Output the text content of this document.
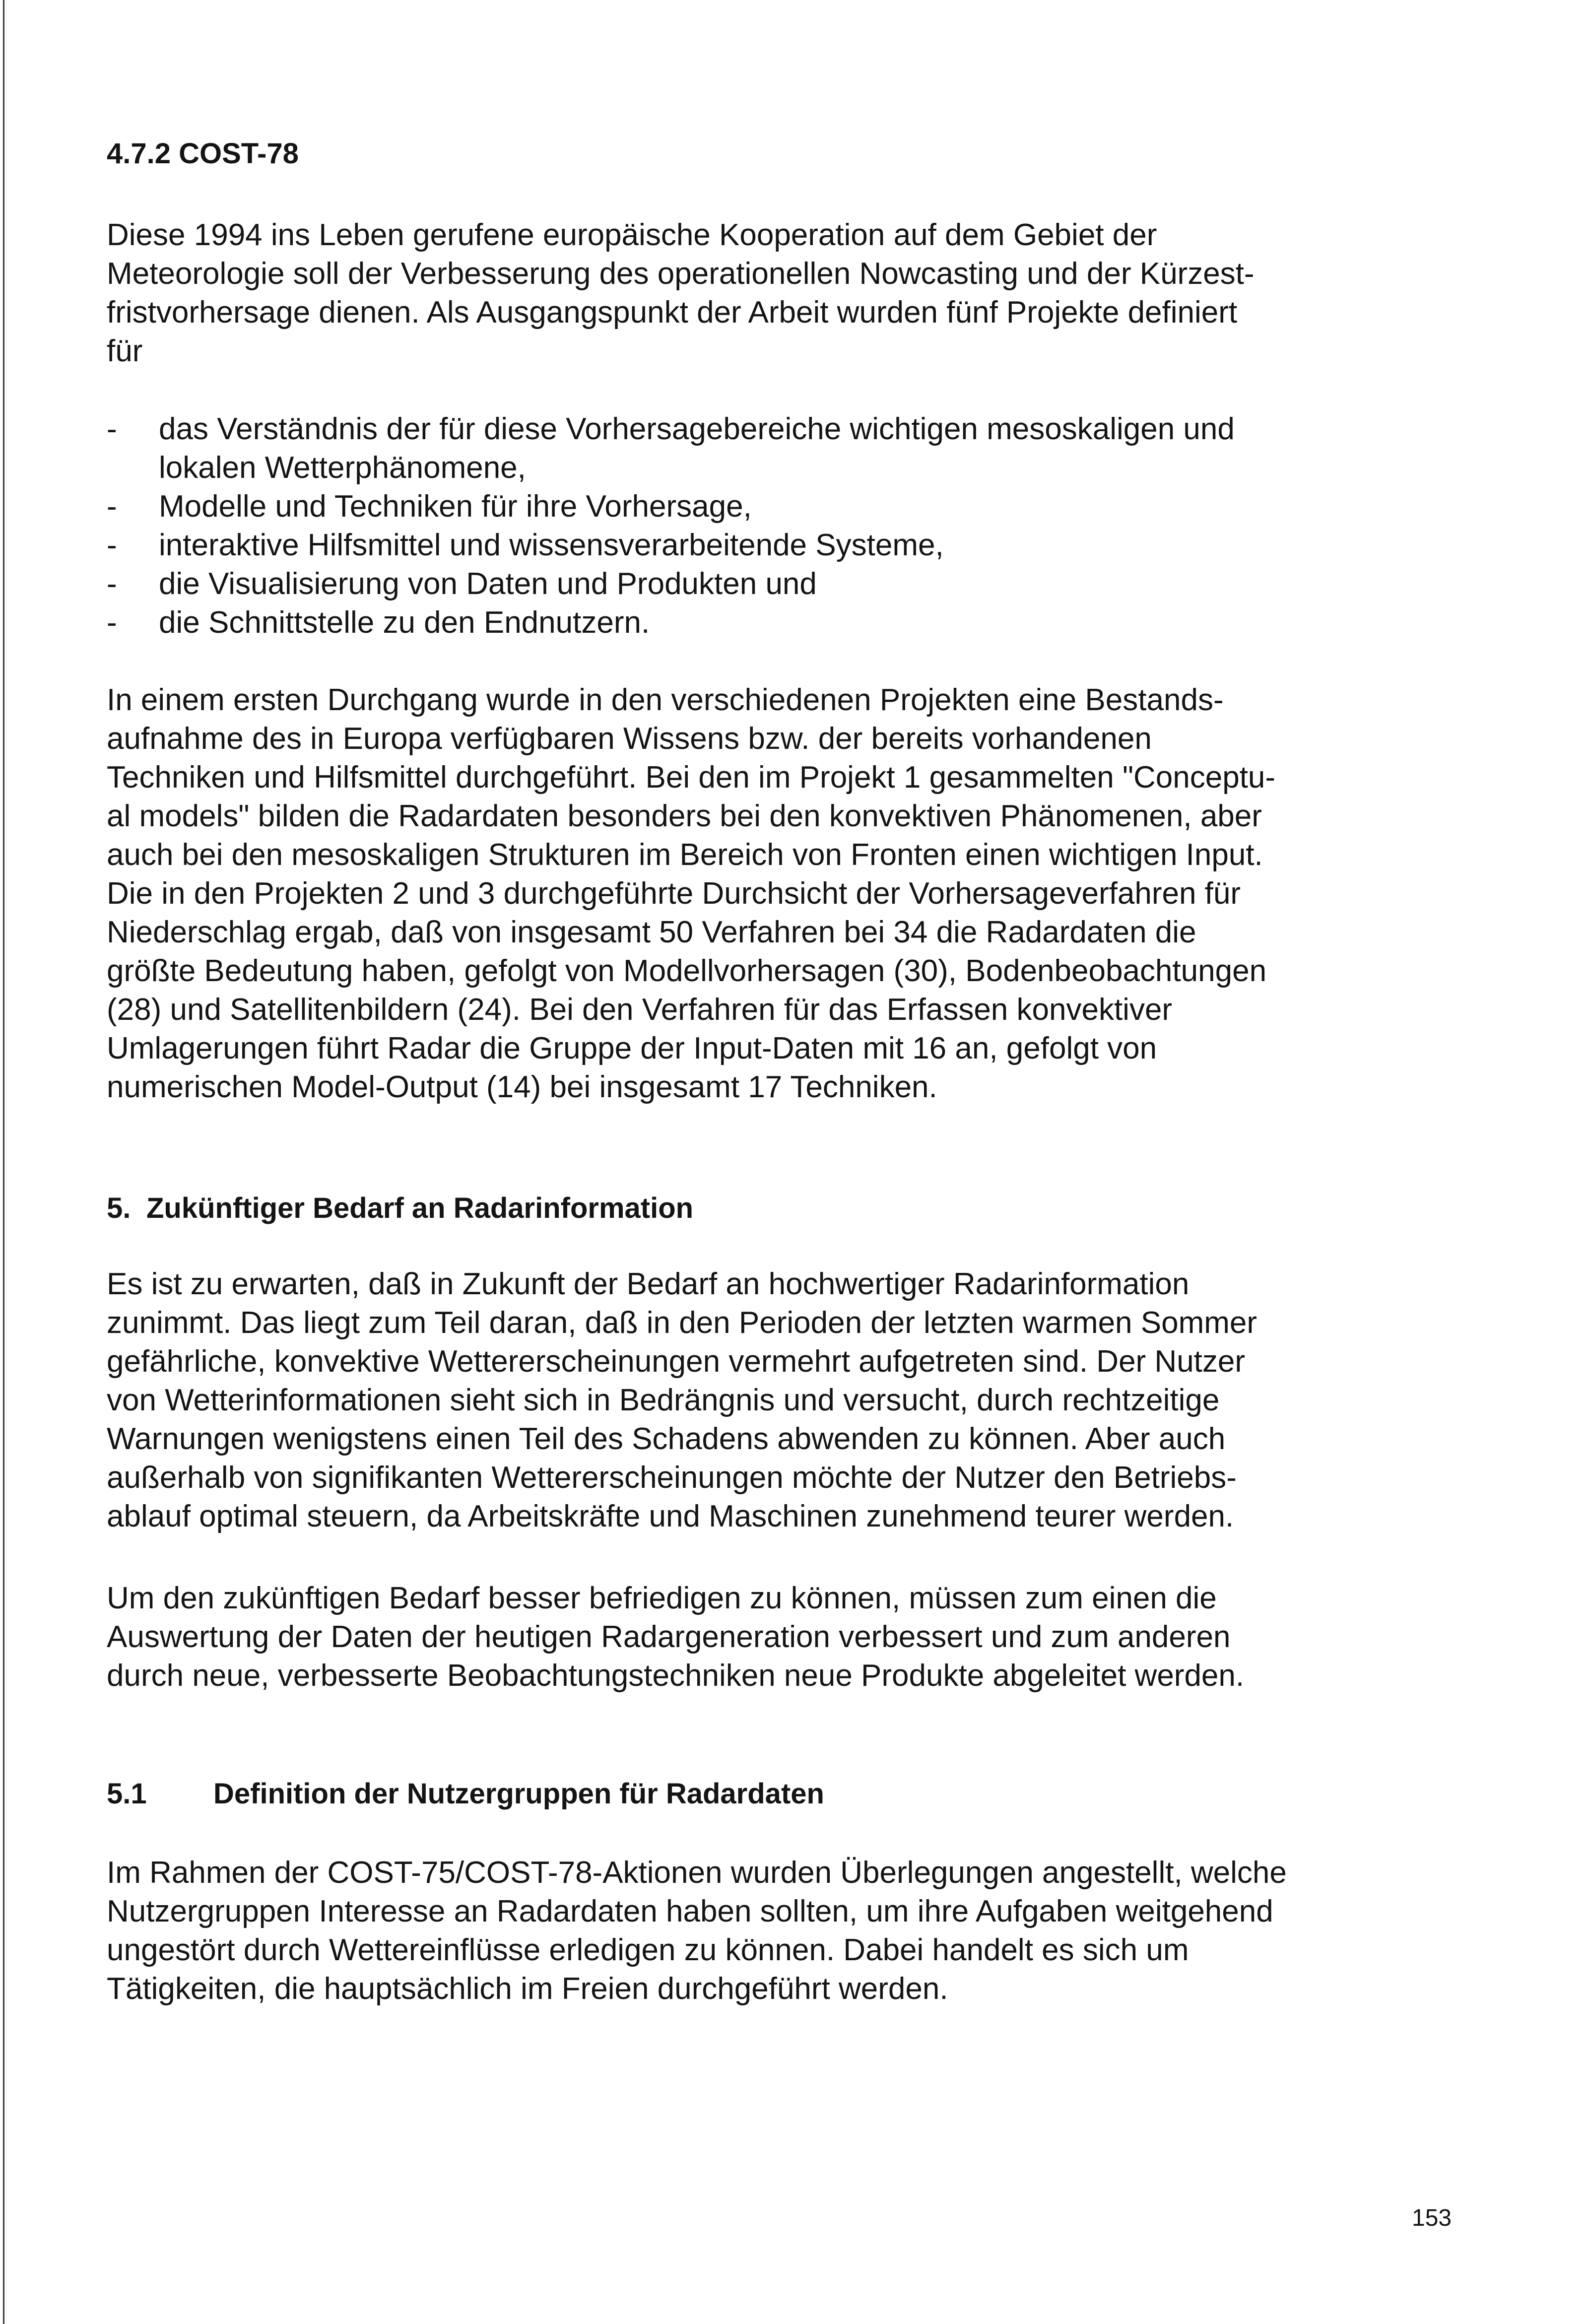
4.7.2 COST-78
Diese 1994 ins Leben gerufene europäische Kooperation auf dem Gebiet der
Meteorologie soll der Verbesserung des operationellen Nowcasting und der Kürzest-
fristvorhersage dienen. Als Ausgangspunkt der Arbeit wurden fünf Projekte definiert
für
- das Verständnis der für diese Vorhersagebereiche wichtigen mesoskaligen und
lokalen Wetterphänomene,
- Modelle und Techniken für ihre Vorhersage,
- interaktive Hilfsmittel und wissensverarbeitende Systeme,
- die Visualisierung von Daten und Produkten und
- die Schnittstelle zu den Endnutzern.
In einem ersten Durchgang wurde in den verschiedenen Projekten eine Bestands-
aufnahme des in Europa verfügbaren Wissens bzw. der bereits vorhandenen
Techniken und Hilfsmittel durchgeführt. Bei den im Projekt 1 gesammelten "Conceptu-
al models" bilden die Radardaten besonders bei den konvektiven Phänomenen, aber
auch bei den mesoskaligen Strukturen im Bereich von Fronten einen wichtigen Input.
Die in den Projekten 2 und 3 durchgeführte Durchsicht der Vorhersageverfahren für
Niederschlag ergab, daß von insgesamt 50 Verfahren bei 34 die Radardaten die
größte Bedeutung haben, gefolgt von Modellvorhersagen (30), Bodenbeobachtungen
(28) und Satellitenbildern (24). Bei den Verfahren für das Erfassen konvektiver
Umlagerungen führt Radar die Gruppe der Input-Daten mit 16 an, gefolgt von
numerischen Model-Output (14) bei insgesamt 17 Techniken.
5. Zukünftiger Bedarf an Radarinformation
Es ist zu erwarten, daß in Zukunft der Bedarf an hochwertiger Radarinformation
zunimmt. Das liegt zum Teil daran, daß in den Perioden der letzten warmen Sommer
gefährliche, konvektive Wettererscheinungen vermehrt aufgetreten sind. Der Nutzer
von Wetterinformationen sieht sich in Bedrängnis und versucht, durch rechtzeitige
Warnungen wenigstens einen Teil des Schadens abwenden zu können. Aber auch
außerhalb von signifikanten Wettererscheinungen möchte der Nutzer den Betriebs-
ablauf optimal steuern, da Arbeitskräfte und Maschinen zunehmend teurer werden.
Um den zukünftigen Bedarf besser befriedigen zu können, müssen zum einen die
Auswertung der Daten der heutigen Radargeneration verbessert und zum anderen
durch neue, verbesserte Beobachtungstechniken neue Produkte abgeleitet werden.
5.1 Definition der Nutzergruppen für Radardaten
Im Rahmen der COST-75/COST-78-Aktionen wurden Überlegungen angestellt, welche
Nutzergruppen Interesse an Radardaten haben sollten, um ihre Aufgaben weitgehend
ungestört durch Wettereinflüsse erledigen zu können. Dabei handelt es sich um
Tätigkeiten, die hauptsächlich im Freien durchgeführt werden.
153
